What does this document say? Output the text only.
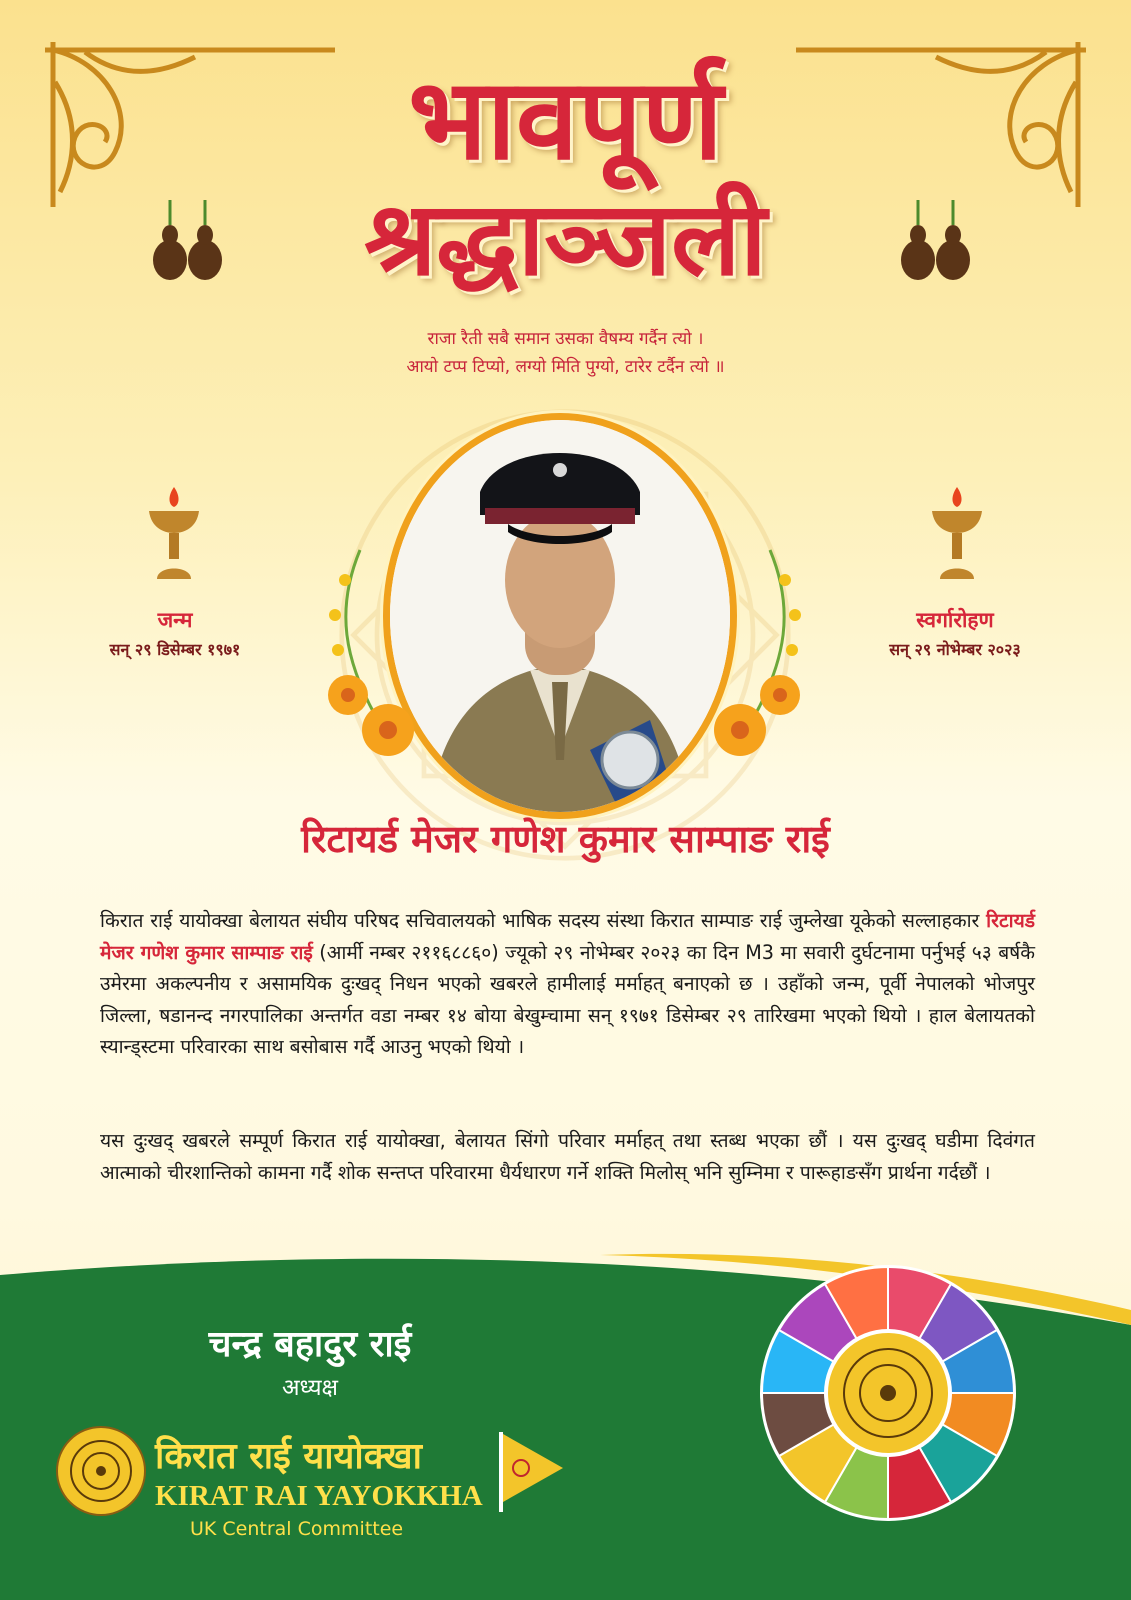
भावपूर्ण
श्रद्धाञ्जली
राजा रैती सबै समान उसका वैषम्य गर्दैन त्यो ।
आयो टप्प टिप्यो, लग्यो मिति पुग्यो, टारेर टर्दैन त्यो ॥
जन्म
सन् २९ डिसेम्बर १९७१
स्वर्गारोहण
सन् २९ नोभेम्बर २०२३
रिटायर्ड मेजर गणेश कुमार साम्पाङ राई
किरात राई यायोक्खा बेलायत संघीय परिषद सचिवालयको भाषिक सदस्य संस्था किरात साम्पाङ राई जुम्लेखा यूकेको सल्लाहकार रिटायर्ड मेजर गणेश कुमार साम्पाङ राई (आर्मी नम्बर २११६८८६०) ज्यूको २९ नोभेम्बर २०२३ का दिन M3 मा सवारी दुर्घटनामा पर्नुभई ५३ बर्षकै उमेरमा अकल्पनीय र असामयिक दुःखद् निधन भएको खबरले हामीलाई मर्माहत् बनाएको छ । उहाँको जन्म, पूर्वी नेपालको भोजपुर जिल्ला, षडानन्द नगरपालिका अन्तर्गत वडा नम्बर १४ बोया बेखुम्चामा सन् १९७१ डिसेम्बर २९ तारिखमा भएको थियो । हाल बेलायतको स्यान्ड्स्टमा परिवारका साथ बसोबास गर्दै आउनु भएको थियो ।
यस दुःखद् खबरले सम्पूर्ण किरात राई यायोक्खा, बेलायत सिंगो परिवार मर्माहत् तथा स्तब्ध भएका छौं । यस दुःखद् घडीमा दिवंगत आत्माको चीरशान्तिको कामना गर्दै शोक सन्तप्त परिवारमा धैर्यधारण गर्ने शक्ति मिलोस् भनि सुम्निमा र पारूहाङसँग प्रार्थना गर्दछौं ।
चन्द्र बहादुर राई
अध्यक्ष
किरात राई यायोक्खा
KIRAT RAI YAYOKKHA
UK Central Committee
